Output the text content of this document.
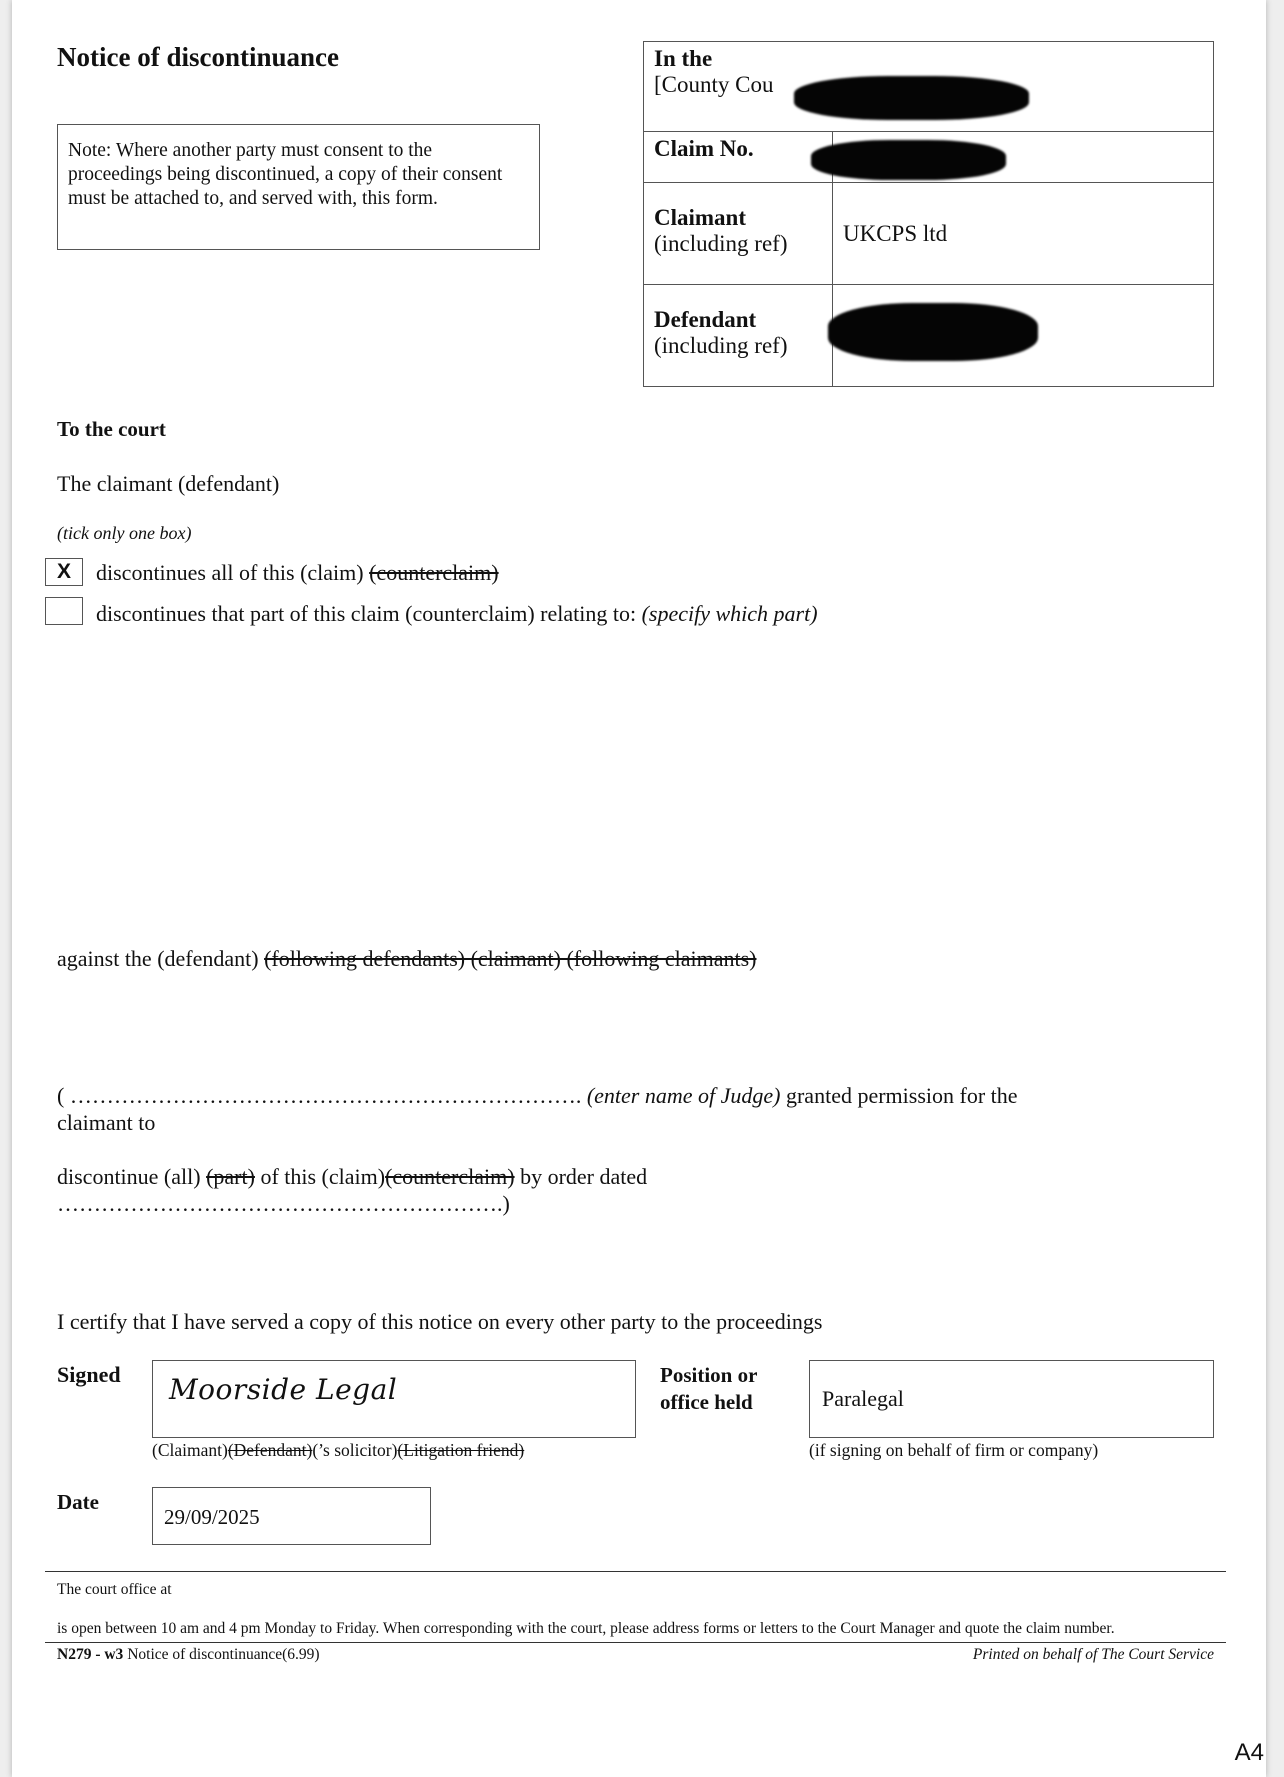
Notice of discontinuance
Note: Where another party must consent to the proceedings being discontinued, a copy of their consent must be attached to, and served with, this form.
In the
[County Cou	

Claim No.	

Claimant
(including ref)	UKCPS ltd
Defendant
(including ref)	

To the court
The claimant (defendant)
(tick only one box)
X	discontinues all of this (claim) (counterclaim)
discontinues that part of this claim (counterclaim) relating to: (specify which part)
against the (defendant) (following defendants) (claimant) (following claimants)
( ……………………………………………………………. (enter name of Judge) granted permission for the
claimant to
discontinue (all) (part) of this (claim)(counterclaim) by order dated
…………………………………………………….)
I certify that I have served a copy of this notice on every other party to the proceedings
Signed Moorside Legal
(Claimant)(Defendant)(’s solicitor)(Litigation friend)
Position or
office held	Paralegal
(if signing on behalf of firm or company)
Date
29/09/2025
The court office at
is open between 10 am and 4 pm Monday to Friday. When corresponding with the court, please address forms or letters to the Court Manager and quote the claim number.
N279 - w3 Notice of discontinuance(6.99)	Printed on behalf of The Court Service
A4
